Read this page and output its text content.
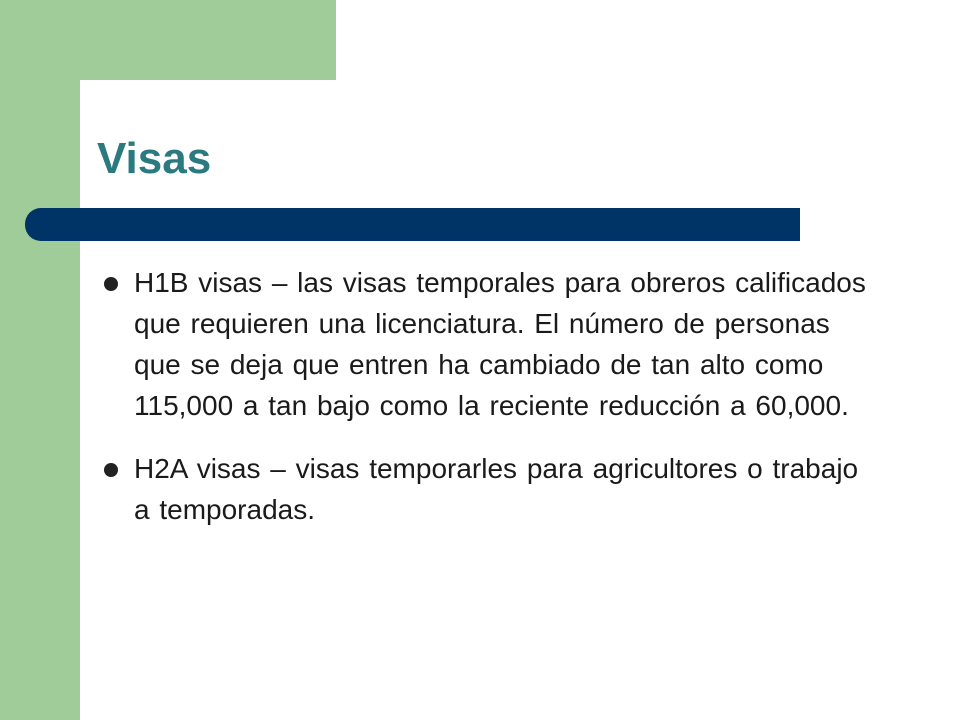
Visas
H1B visas – las visas temporales para obreros calificados que requieren una licenciatura. El número de personas que se deja que entren ha cambiado de tan alto como 115,000 a tan bajo como la reciente reducción a 60,000.
H2A visas – visas temporarles para agricultores o trabajo a temporadas.
